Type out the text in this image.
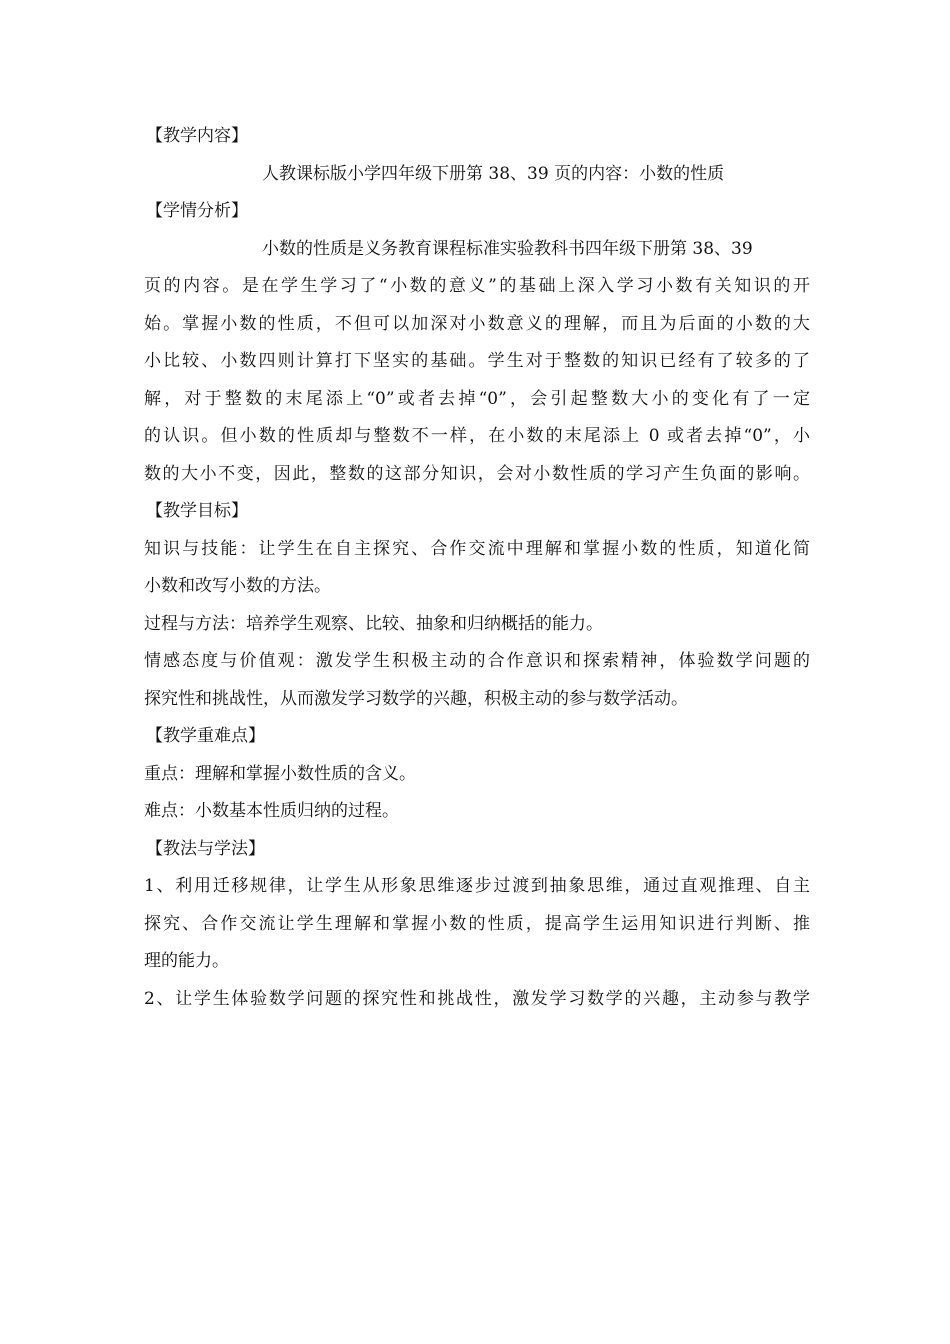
【教学内容】
人教课标版小学四年级下册第 38、39 页的内容：小数的性质
【学情分析】
小数的性质是义务教育课程标准实验教科书四年级下册第 38、39
页的内容。是在学生学习了“小数的意义”的基础上深入学习小数有关知识的开
始。掌握小数的性质，不但可以加深对小数意义的理解，而且为后面的小数的大
小比较、小数四则计算打下坚实的基础。学生对于整数的知识已经有了较多的了
解，对于整数的末尾添上“0”或者去掉“0”，会引起整数大小的变化有了一定
的认识。但小数的性质却与整数不一样，在小数的末尾添上 0 或者去掉“0”，小
数的大小不变，因此，整数的这部分知识，会对小数性质的学习产生负面的影响。
【教学目标】
知识与技能：让学生在自主探究、合作交流中理解和掌握小数的性质，知道化简
小数和改写小数的方法。
过程与方法：培养学生观察、比较、抽象和归纳概括的能力。
情感态度与价值观：激发学生积极主动的合作意识和探索精神，体验数学问题的
探究性和挑战性，从而激发学习数学的兴趣，积极主动的参与数学活动。
【教学重难点】
重点：理解和掌握小数性质的含义。
难点：小数基本性质归纳的过程。
【教法与学法】
1、利用迁移规律，让学生从形象思维逐步过渡到抽象思维，通过直观推理、自主
探究、合作交流让学生理解和掌握小数的性质，提高学生运用知识进行判断、推
理的能力。
2、让学生体验数学问题的探究性和挑战性，激发学习数学的兴趣，主动参与教学
